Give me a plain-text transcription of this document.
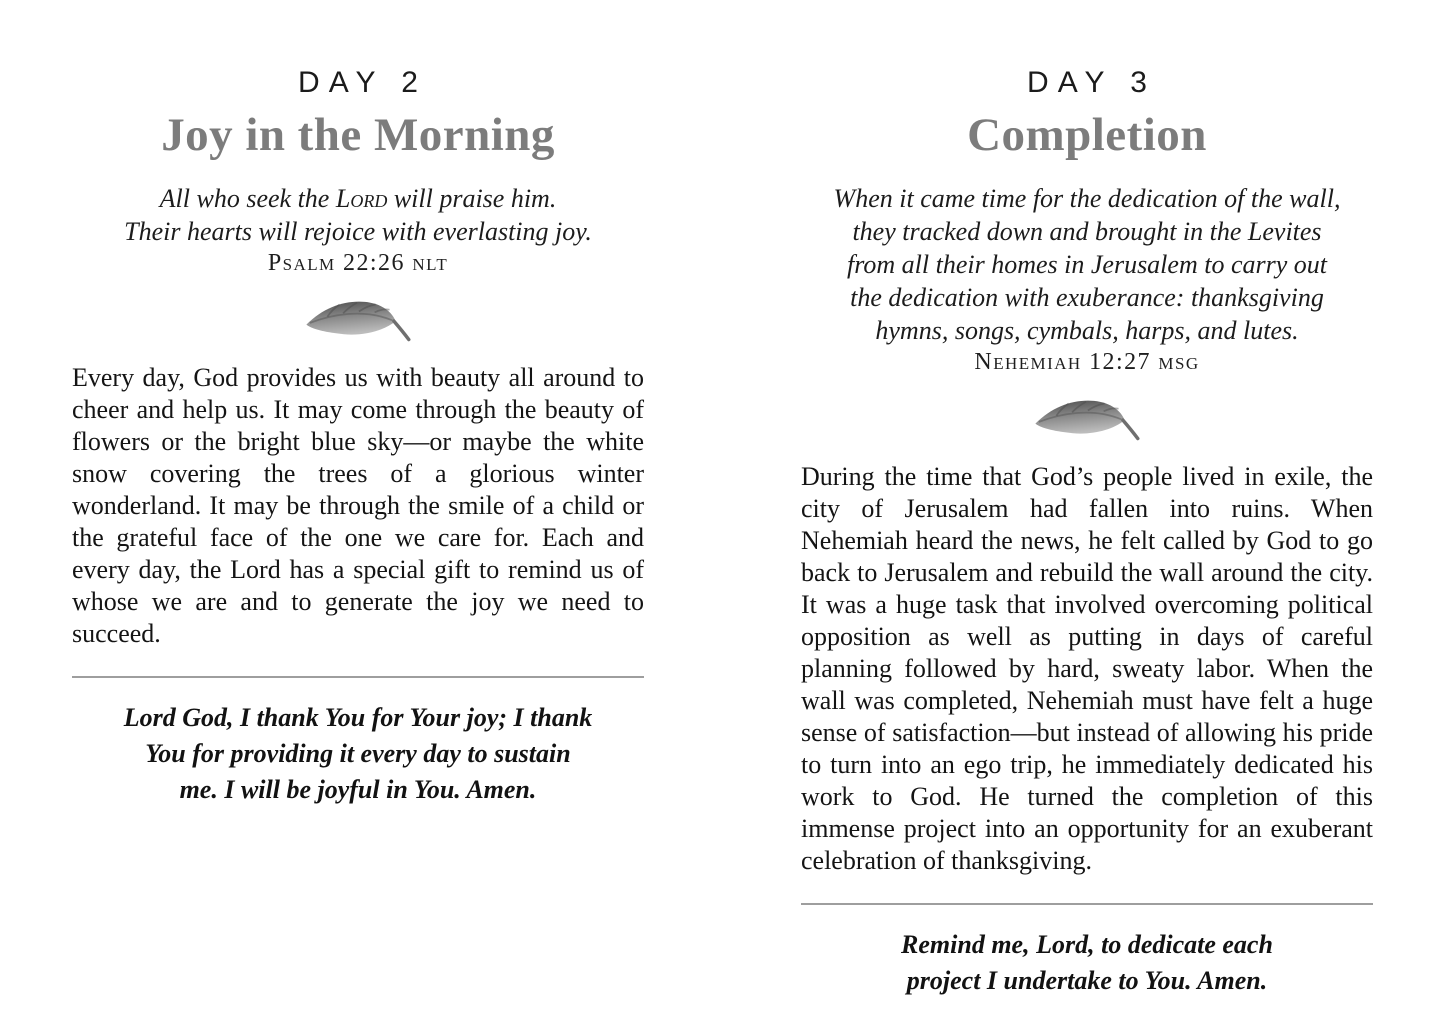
DAY 2
Joy in the Morning

All who seek the Lord will praise him.

Their hearts will rejoice with everlasting joy.

Psalm 22:26 nlt

Every day, God provides us with beauty all around to cheer and help us. It may come through the beauty of flowers or the bright blue sky—or maybe the white snow covering the trees of a glorious winter wonderland. It may be through the smile of a child or the grateful face of the one we care for. Each and every day, the Lord has a special gift to remind us of whose we are and to generate the joy we need to succeed.

Lord God, I thank You for Your joy; I thank

You for providing it every day to sustain

me. I will be joyful in You. Amen.

DAY 3
Completion

When it came time for the dedication of the wall,

they tracked down and brought in the Levites

from all their homes in Jerusalem to carry out

the dedication with exuberance: thanksgiving

hymns, songs, cymbals, harps, and lutes.

Nehemiah 12:27 msg

During the time that God’s people lived in exile, the city of Jerusalem had fallen into ruins. When Nehemiah heard the news, he felt called by God to go back to Jerusalem and rebuild the wall around the city. It was a huge task that involved overcoming political opposition as well as putting in days of careful planning followed by hard, sweaty labor. When the wall was completed, Nehemiah must have felt a huge sense of satisfaction—but instead of allowing his pride to turn into an ego trip, he immediately dedicated his work to God. He turned the completion of this immense project into an opportunity for an exuberant celebration of thanksgiving.

Remind me, Lord, to dedicate each

project I undertake to You. Amen.
